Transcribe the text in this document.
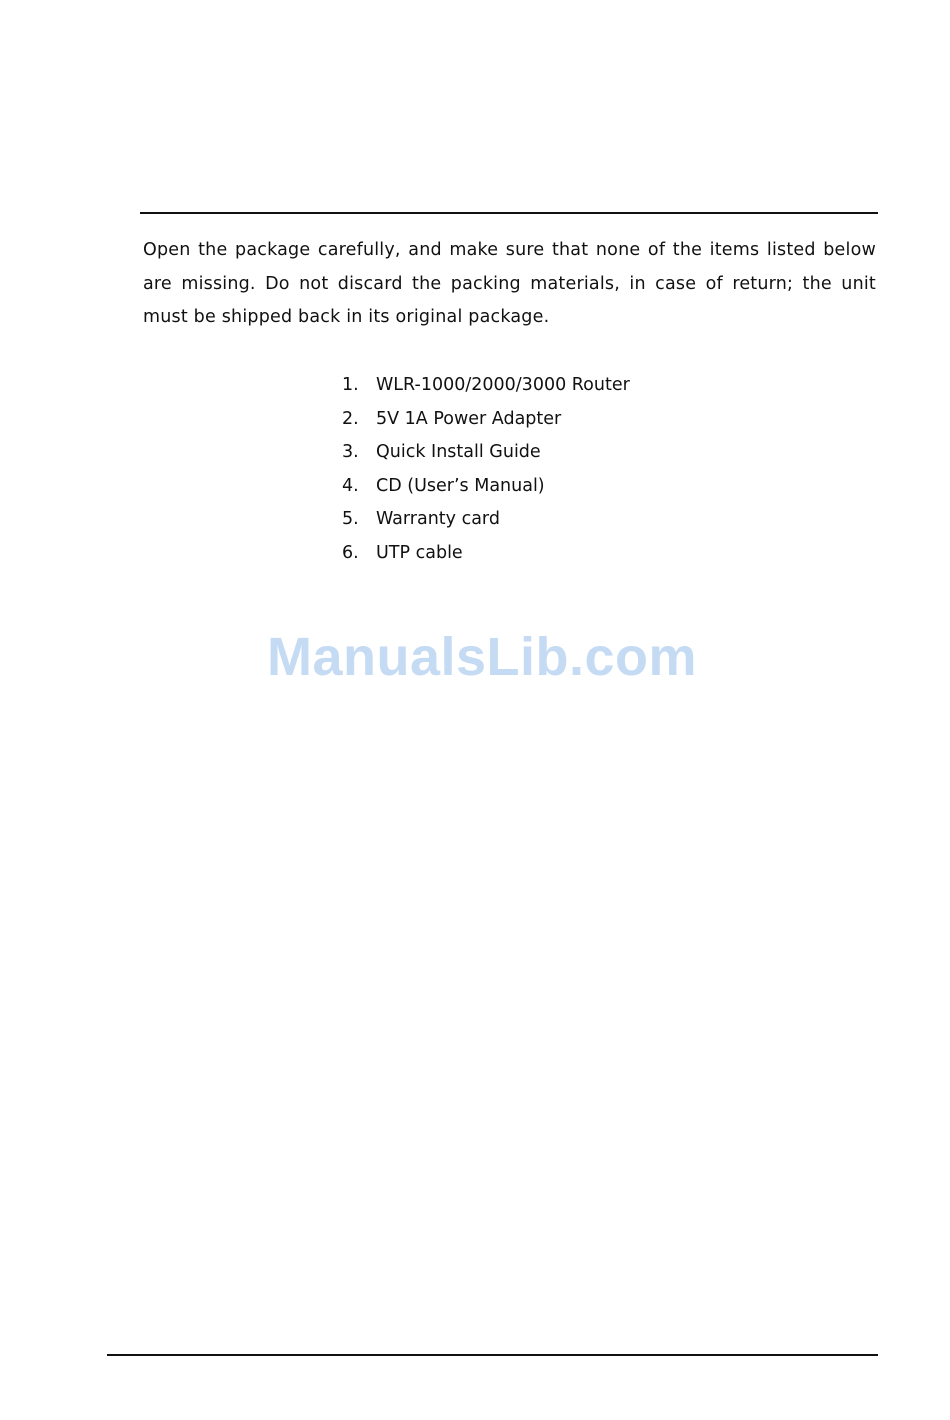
Open the package carefully, and make sure that none of the items listed below are missing. Do not discard the packing materials, in case of return; the unit must be shipped back in its original package.

1. WLR-1000/2000/3000 Router
2. 5V 1A Power Adapter
3. Quick Install Guide
4. CD (User’s Manual)
5. Warranty card
6. UTP cable
ManualsLib.com
